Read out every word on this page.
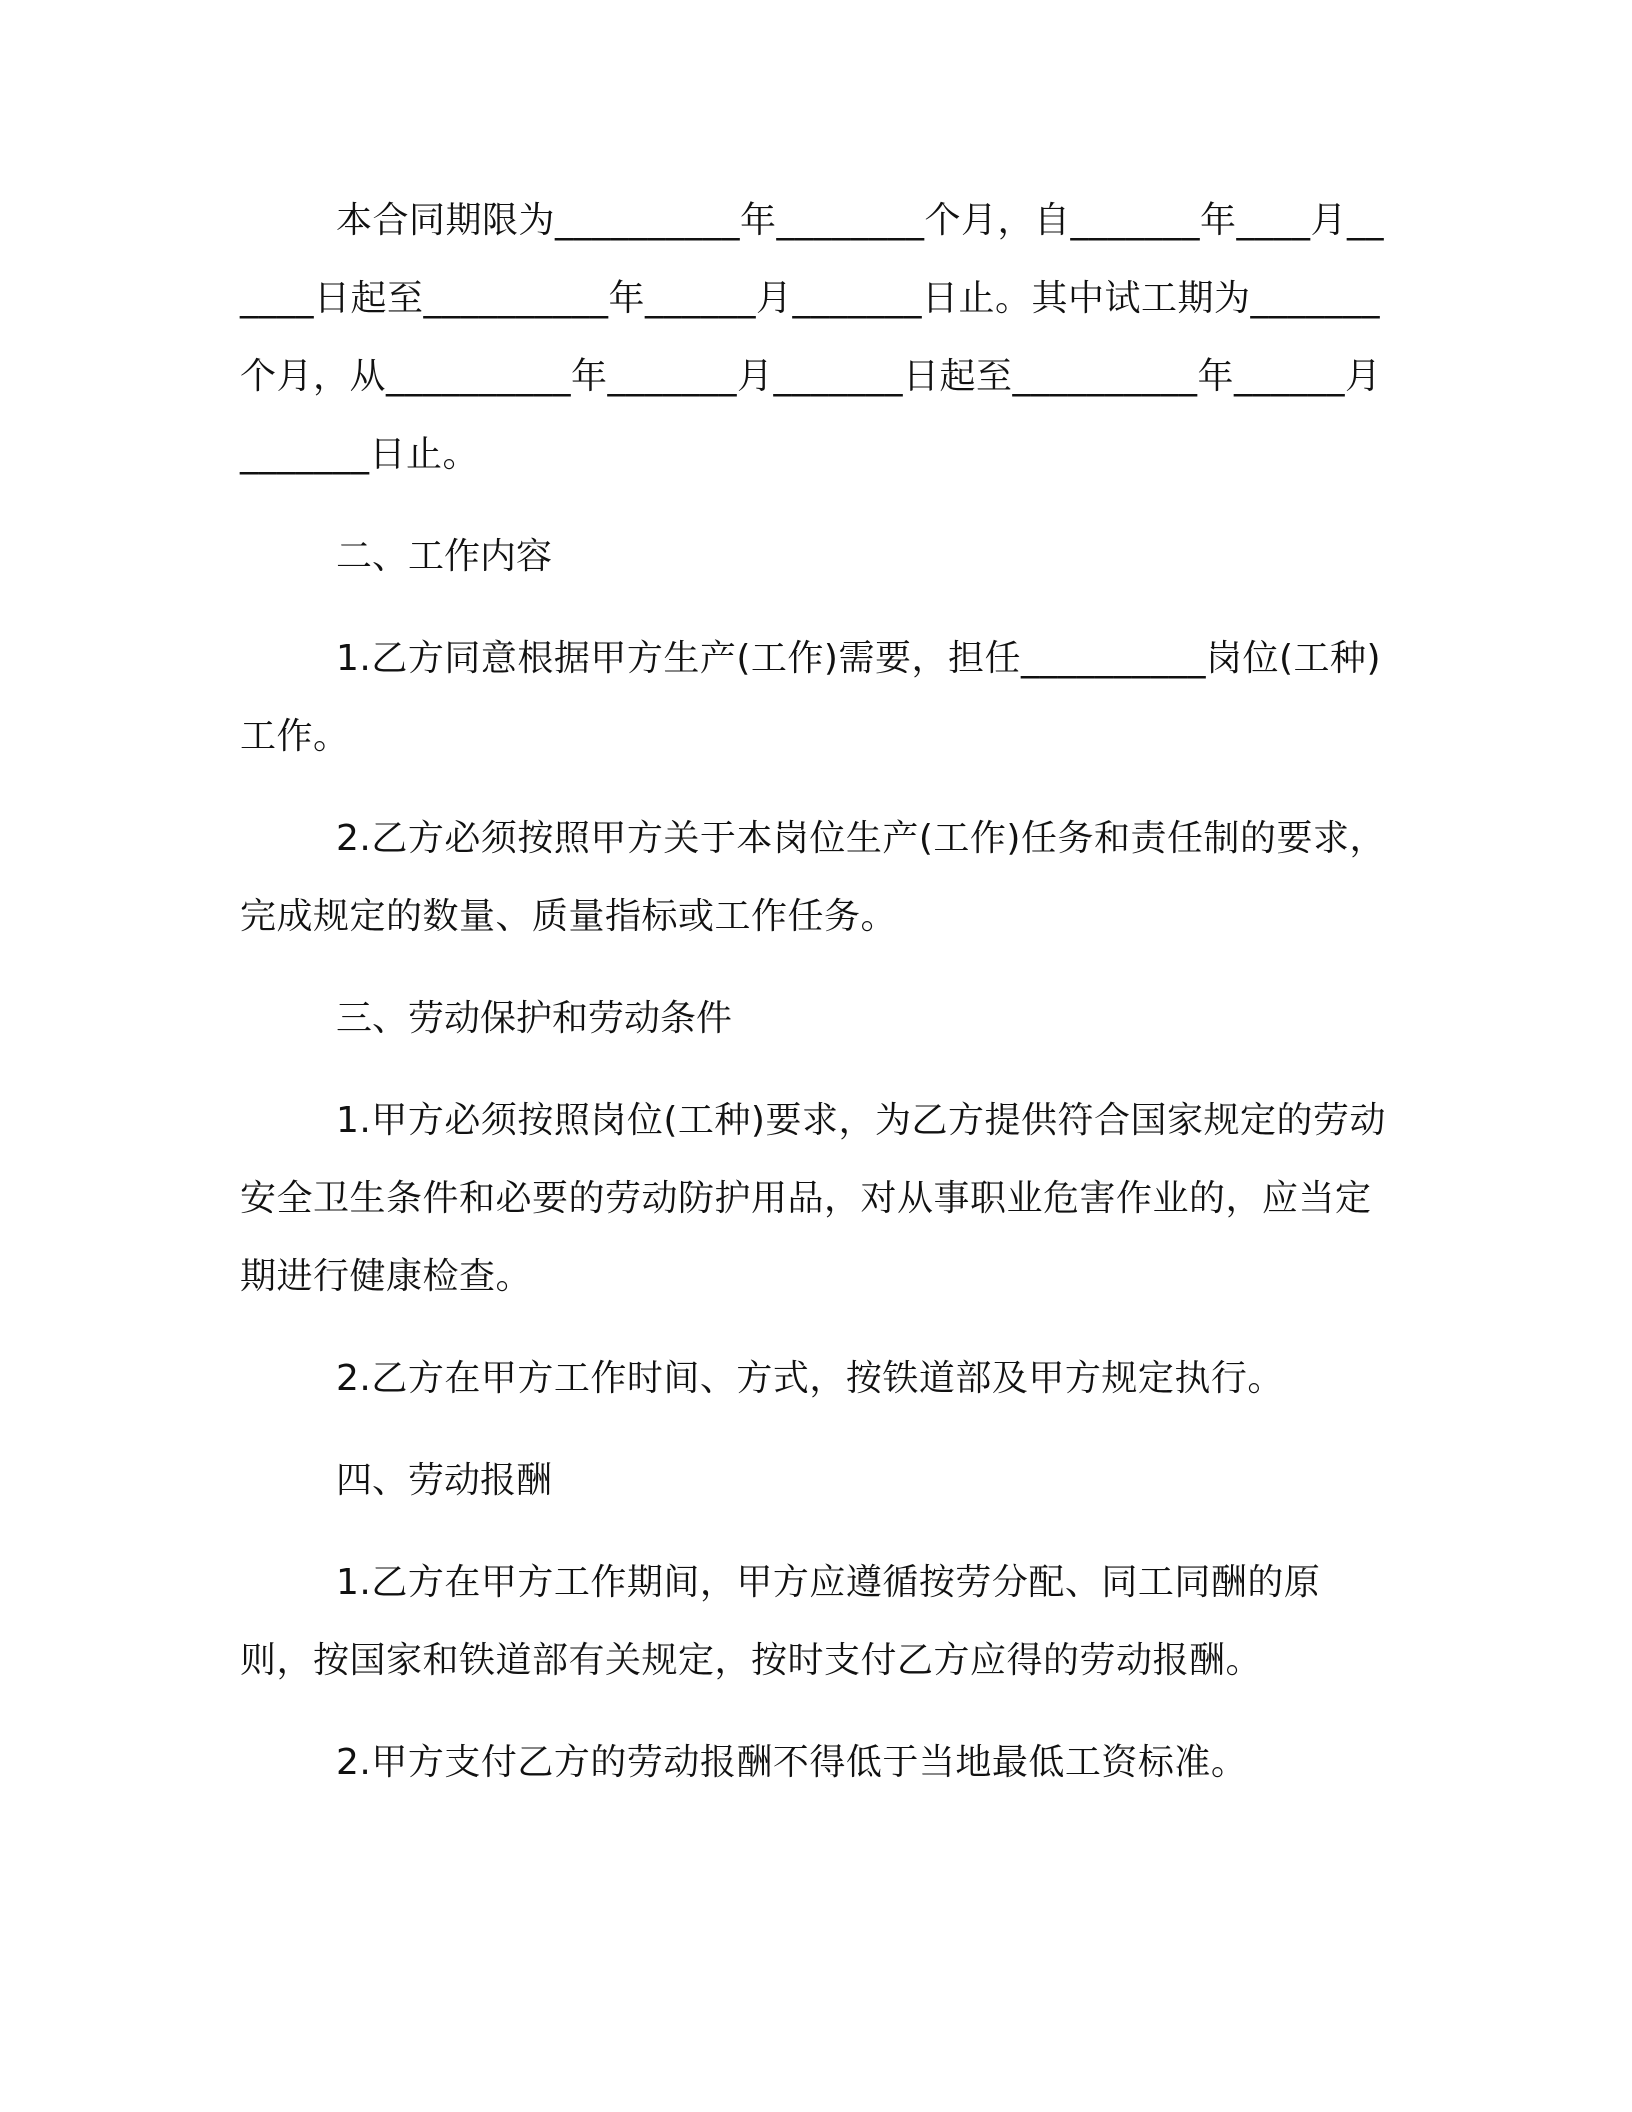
本合同期限为__________年________个月，自_______年____月______日起至__________年______月_______日止。其中试工期为_______个月，从__________年_______月_______日起至__________年______月_______日止。

二、工作内容

1.乙方同意根据甲方生产(工作)需要，担任__________岗位(工种)工作。

2.乙方必须按照甲方关于本岗位生产(工作)任务和责任制的要求，完成规定的数量、质量指标或工作任务。

三、劳动保护和劳动条件

1.甲方必须按照岗位(工种)要求，为乙方提供符合国家规定的劳动安全卫生条件和必要的劳动防护用品，对从事职业危害作业的，应当定期进行健康检查。

2.乙方在甲方工作时间、方式，按铁道部及甲方规定执行。

四、劳动报酬

1.乙方在甲方工作期间，甲方应遵循按劳分配、同工同酬的原则，按国家和铁道部有关规定，按时支付乙方应得的劳动报酬。

2.甲方支付乙方的劳动报酬不得低于当地最低工资标准。
